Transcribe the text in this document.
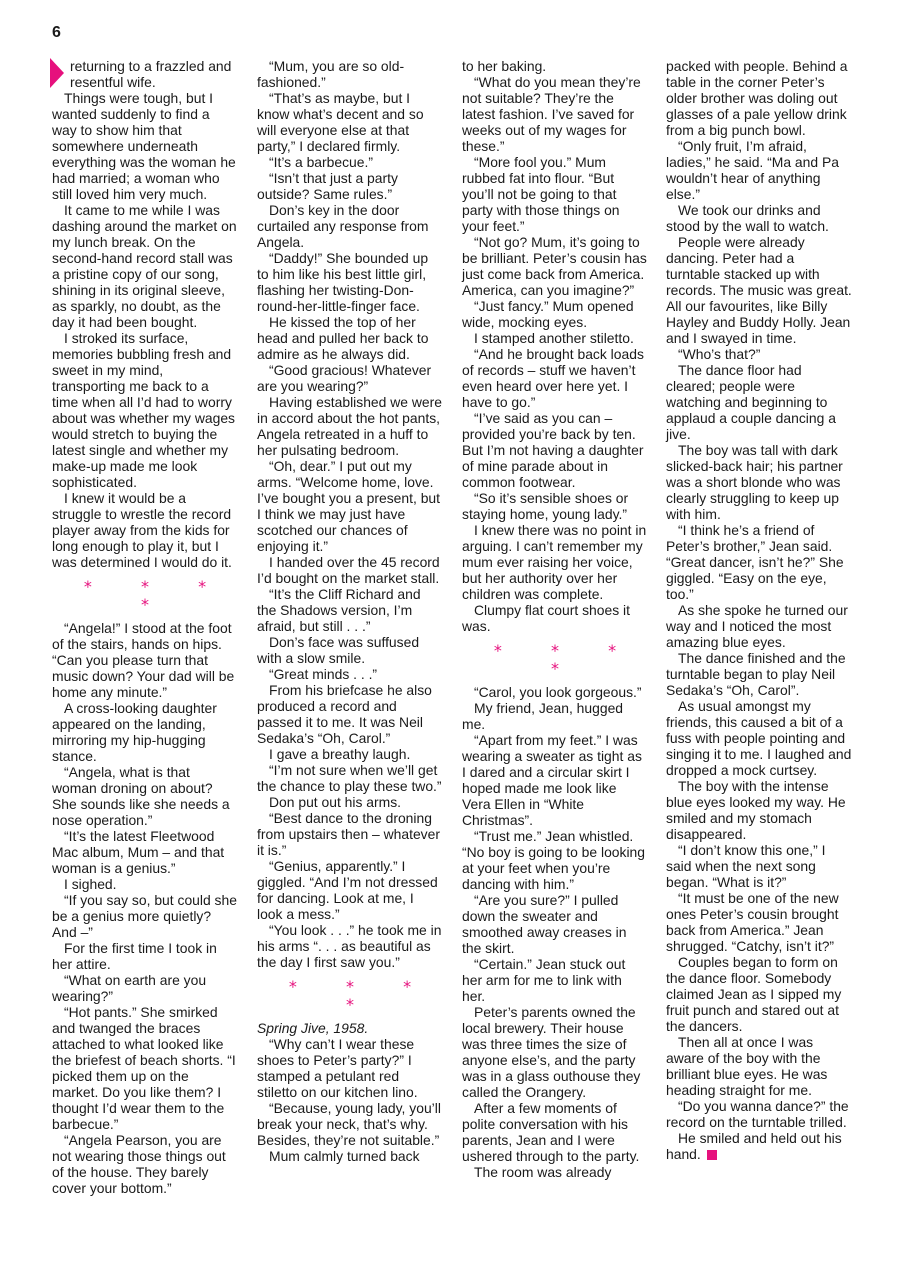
6

returning to a frazzled and resentful wife.

Things were tough, but I wanted suddenly to find a way to show him that somewhere underneath everything was the woman he had married; a woman who still loved him very much.

It came to me while I was dashing around the market on my lunch break. On the second-hand record stall was a pristine copy of our song, shining in its original sleeve, as sparkly, no doubt, as the day it had been bought.

I stroked its surface, memories bubbling fresh and sweet in my mind, transporting me back to a time when all I’d had to worry about was whether my wages would stretch to buying the latest single and whether my make-up made me look sophisticated.

I knew it would be a struggle to wrestle the record player away from the kids for long enough to play it, but I was determined I would do it.

* * * *

“Angela!” I stood at the foot of the stairs, hands on hips. “Can you please turn that music down? Your dad will be home any minute.”

A cross-looking daughter appeared on the landing, mirroring my hip-hugging stance.

“Angela, what is that woman droning on about? She sounds like she needs a nose operation.”

“It’s the latest Fleetwood Mac album, Mum – and that woman is a genius.”

I sighed.

“If you say so, but could she be a genius more quietly? And –”

For the first time I took in her attire.

“What on earth are you wearing?”

“Hot pants.” She smirked and twanged the braces attached to what looked like the briefest of beach shorts. “I picked them up on the market. Do you like them? I thought I’d wear them to the barbecue.”

“Angela Pearson, you are not wearing those things out of the house. They barely cover your bottom.”

“Mum, you are so old-fashioned.”

“That’s as maybe, but I know what’s decent and so will everyone else at that party,” I declared firmly.

“It’s a barbecue.”

“Isn’t that just a party outside? Same rules.”

Don’s key in the door curtailed any response from Angela.

“Daddy!” She bounded up to him like his best little girl, flashing her twisting-Don-round-her-little-finger face.

He kissed the top of her head and pulled her back to admire as he always did.

“Good gracious! Whatever are you wearing?”

Having established we were in accord about the hot pants, Angela retreated in a huff to her pulsating bedroom.

“Oh, dear.” I put out my arms. “Welcome home, love. I’ve bought you a present, but I think we may just have scotched our chances of enjoying it.”

I handed over the 45 record I’d bought on the market stall.

“It’s the Cliff Richard and the Shadows version, I’m afraid, but still . . .”

Don’s face was suffused with a slow smile.

“Great minds . . .”

From his briefcase he also produced a record and passed it to me. It was Neil Sedaka’s “Oh, Carol.”

I gave a breathy laugh.

“I’m not sure when we’ll get the chance to play these two.”

Don put out his arms.

“Best dance to the droning from upstairs then – whatever it is.”

“Genius, apparently.” I giggled. “And I’m not dressed for dancing. Look at me, I look a mess.”

“You look . . .” he took me in his arms “. . . as beautiful as the day I first saw you.”

* * * *

Spring Jive, 1958.

“Why can’t I wear these shoes to Peter’s party?” I stamped a petulant red stiletto on our kitchen lino.

“Because, young lady, you’ll break your neck, that’s why. Besides, they’re not suitable.”

Mum calmly turned back

to her baking.

“What do you mean they’re not suitable? They’re the latest fashion. I’ve saved for weeks out of my wages for these.”

“More fool you.” Mum rubbed fat into flour. “But you’ll not be going to that party with those things on your feet.”

“Not go? Mum, it’s going to be brilliant. Peter’s cousin has just come back from America. America, can you imagine?”

“Just fancy.” Mum opened wide, mocking eyes.

I stamped another stiletto.

“And he brought back loads of records – stuff we haven’t even heard over here yet. I have to go.”

“I’ve said as you can – provided you’re back by ten. But I’m not having a daughter of mine parade about in common footwear.

“So it’s sensible shoes or staying home, young lady.”

I knew there was no point in arguing. I can’t remember my mum ever raising her voice, but her authority over her children was complete.

Clumpy flat court shoes it was.

* * * *

“Carol, you look gorgeous.”

My friend, Jean, hugged me.

“Apart from my feet.” I was wearing a sweater as tight as I dared and a circular skirt I hoped made me look like Vera Ellen in “White Christmas”.

“Trust me.” Jean whistled. “No boy is going to be looking at your feet when you’re dancing with him.”

“Are you sure?” I pulled down the sweater and smoothed away creases in the skirt.

“Certain.” Jean stuck out her arm for me to link with her.

Peter’s parents owned the local brewery. Their house was three times the size of anyone else’s, and the party was in a glass outhouse they called the Orangery.

After a few moments of polite conversation with his parents, Jean and I were ushered through to the party.

The room was already

packed with people. Behind a table in the corner Peter’s older brother was doling out glasses of a pale yellow drink from a big punch bowl.

“Only fruit, I’m afraid, ladies,” he said. “Ma and Pa wouldn’t hear of anything else.”

We took our drinks and stood by the wall to watch.

People were already dancing. Peter had a turntable stacked up with records. The music was great. All our favourites, like Billy Hayley and Buddy Holly. Jean and I swayed in time.

“Who’s that?”

The dance floor had cleared; people were watching and beginning to applaud a couple dancing a jive.

The boy was tall with dark slicked-back hair; his partner was a short blonde who was clearly struggling to keep up with him.

“I think he’s a friend of Peter’s brother,” Jean said. “Great dancer, isn’t he?” She giggled. “Easy on the eye, too.”

As she spoke he turned our way and I noticed the most amazing blue eyes.

The dance finished and the turntable began to play Neil Sedaka’s “Oh, Carol”.

As usual amongst my friends, this caused a bit of a fuss with people pointing and singing it to me. I laughed and dropped a mock curtsey.

The boy with the intense blue eyes looked my way. He smiled and my stomach disappeared.

“I don’t know this one,” I said when the next song began. “What is it?”

“It must be one of the new ones Peter’s cousin brought back from America.” Jean shrugged. “Catchy, isn’t it?”

Couples began to form on the dance floor. Somebody claimed Jean as I sipped my fruit punch and stared out at the dancers.

Then all at once I was aware of the boy with the brilliant blue eyes. He was heading straight for me.

“Do you wanna dance?” the record on the turntable trilled.

He smiled and held out his hand.
